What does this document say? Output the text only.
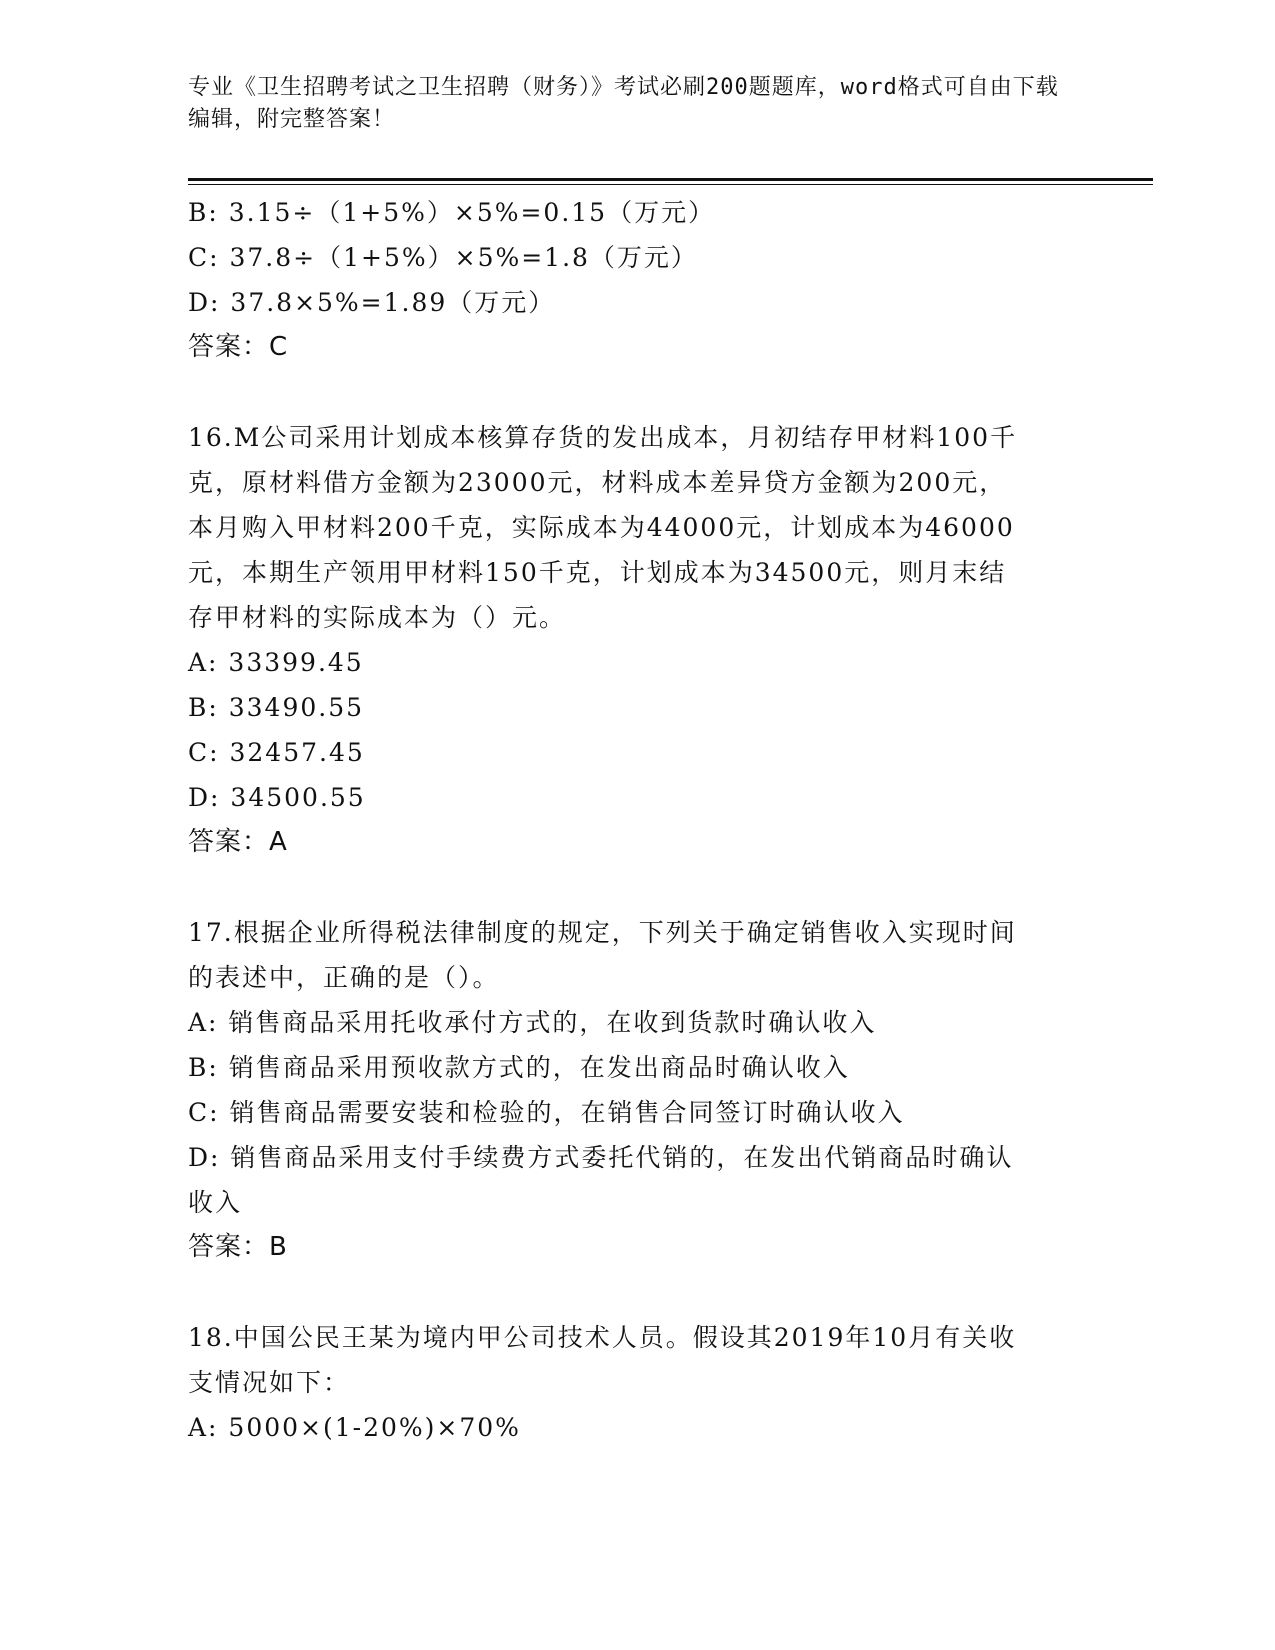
专业《卫生招聘考试之卫生招聘（财务）》考试必刷200题题库，word格式可自由下载编辑，附完整答案！

B: 3.15÷（1+5%）×5%=0.15（万元）

C: 37.8÷（1+5%）×5%=1.8（万元）

D: 37.8×5%=1.89（万元）

答案：C

16.M公司采用计划成本核算存货的发出成本，月初结存甲材料100千

克，原材料借方金额为23000元，材料成本差异贷方金额为200元，

本月购入甲材料200千克，实际成本为44000元，计划成本为46000

元，本期生产领用甲材料150千克，计划成本为34500元，则月末结

存甲材料的实际成本为（）元。

A: 33399.45

B: 33490.55

C: 32457.45

D: 34500.55

答案：A

17.根据企业所得税法律制度的规定，下列关于确定销售收入实现时间

的表述中，正确的是（）。

A: 销售商品采用托收承付方式的，在收到货款时确认收入

B: 销售商品采用预收款方式的，在发出商品时确认收入

C: 销售商品需要安装和检验的，在销售合同签订时确认收入

D: 销售商品采用支付手续费方式委托代销的，在发出代销商品时确认

收入

答案：B

18.中国公民王某为境内甲公司技术人员。假设其2019年10月有关收

支情况如下：

A: 5000×(1-20%)×70%
